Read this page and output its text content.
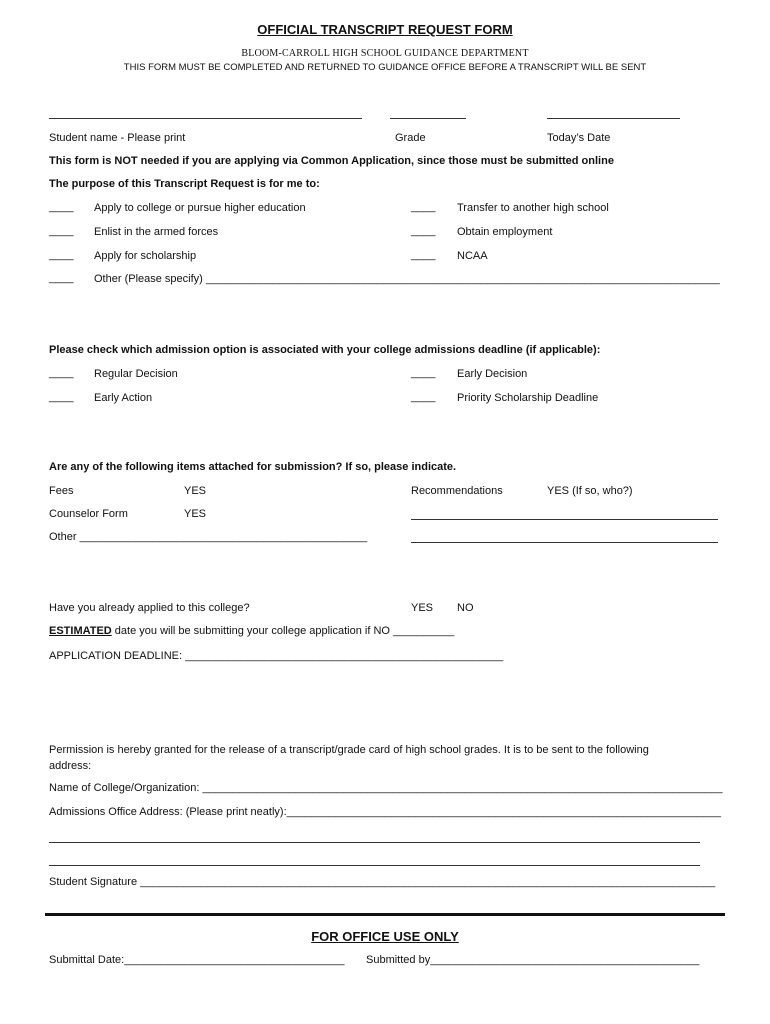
OFFICIAL TRANSCRIPT REQUEST FORM
BLOOM-CARROLL HIGH SCHOOL GUIDANCE DEPARTMENT
THIS FORM MUST BE COMPLETED AND RETURNED TO GUIDANCE OFFICE BEFORE A TRANSCRIPT WILL BE SENT
Student name - Please print	Grade	Today’s Date
This form is NOT needed if you are applying via Common Application, since those must be submitted online
The purpose of this Transcript Request is for me to:
____ Apply to college or pursue higher education	____ Transfer to another high school
____ Enlist in the armed forces	____ Obtain employment
____ Apply for scholarship	____ NCAA
____ Other (Please specify) ____________________________________________________________________________________
Please check which admission option is associated with your college admissions deadline (if applicable):
____ Regular Decision	____ Early Decision
____ Early Action	____ Priority Scholarship Deadline
Are any of the following items attached for submission? If so, please indicate.
Fees	YES	Recommendations	YES (If so, who?)
Counselor Form	YES
Other _______________________________________________
Have you already applied to this college?	YES NO
ESTIMATED date you will be submitting your college application if NO __________
APPLICATION DEADLINE: ____________________________________________________
Permission is hereby granted for the release of a transcript/grade card of high school grades. It is to be sent to the following address:
Name of College/Organization: _____________________________________________________________________________________
Admissions Office Address: (Please print neatly):_______________________________________________________________________
Student Signature ______________________________________________________________________________________________
FOR OFFICE USE ONLY
Submittal Date:____________________________________ Submitted by____________________________________________
